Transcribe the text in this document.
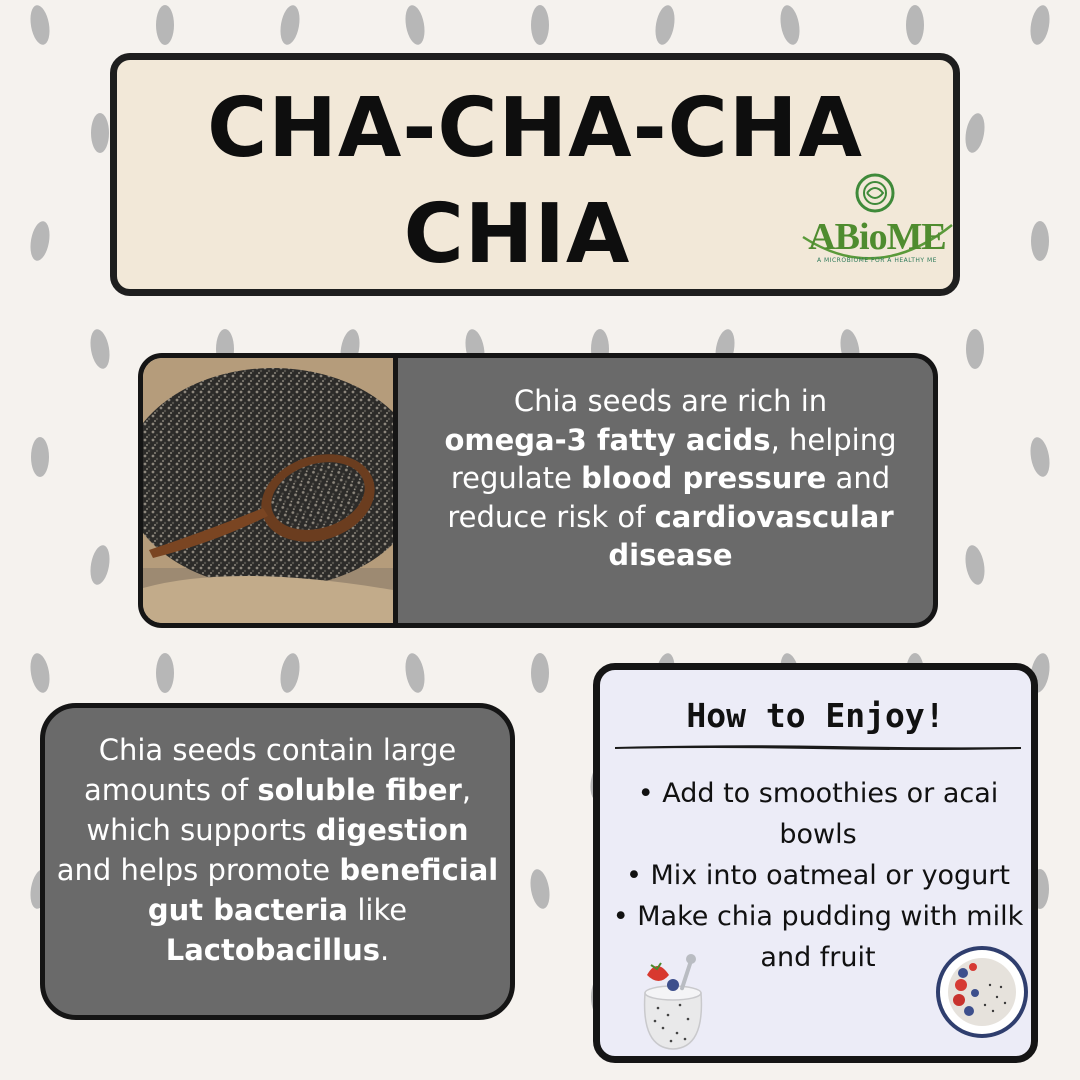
CHA-CHA-CHA
CHIA	ABioME
A MICROBIOME FOR A HEALTHY ME
Chia seeds are rich in
omega-3 fatty acids, helping regulate blood pressure and reduce risk of cardiovascular disease
Chia seeds contain large amounts of soluble fiber, which supports digestion and helps promote beneficial gut bacteria like Lactobacillus.
How to Enjoy!
• Add to smoothies or acai bowls
• Mix into oatmeal or yogurt
• Make chia pudding with milk and fruit
